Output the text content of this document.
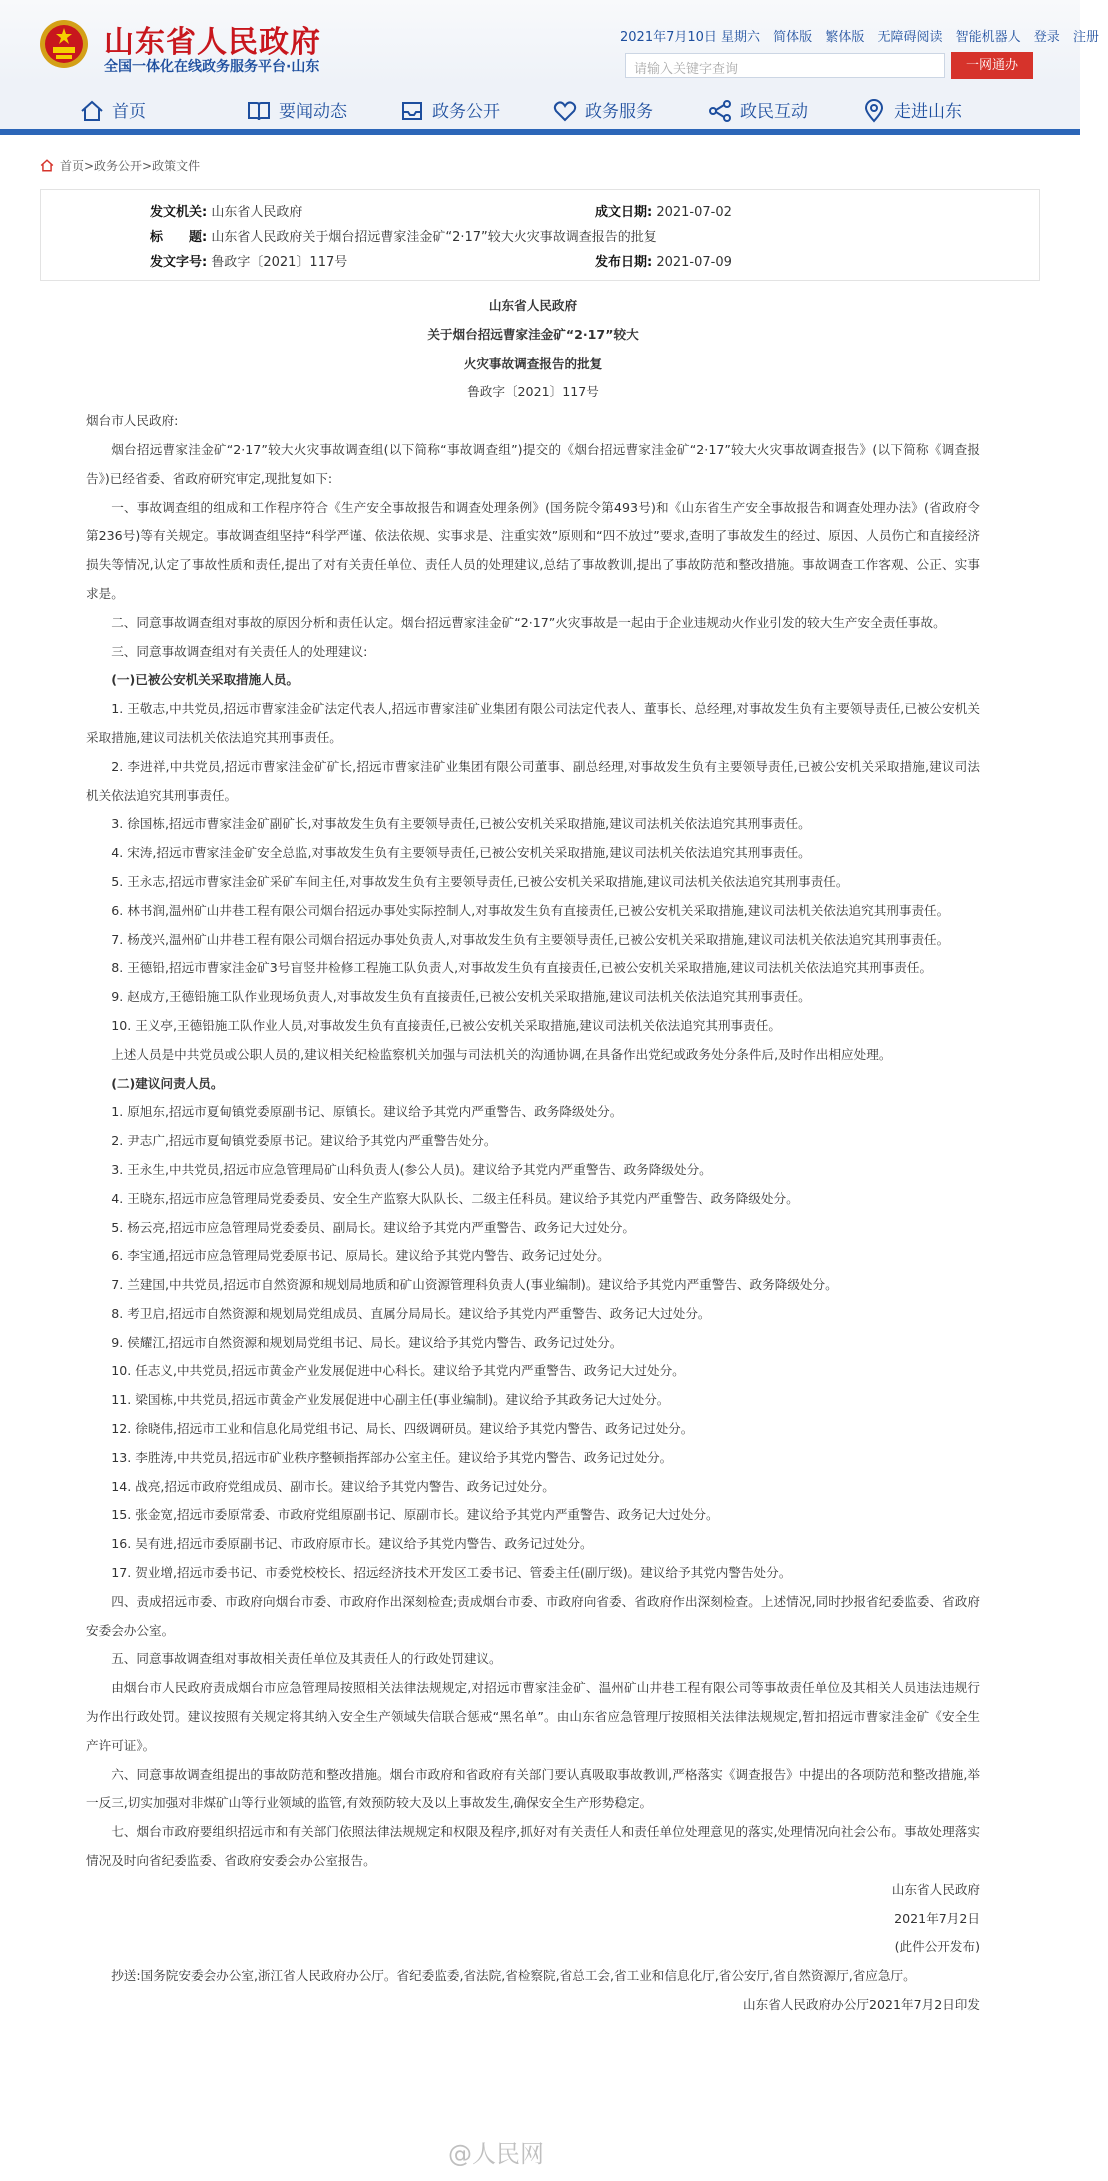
山东省人民政府
全国一体化在线政务服务平台·山东
2021年7月10日 星期六 简体版 繁体版 无障碍阅读 智能机器人 登录 注册
请输入关键字查询	一网通办
首页	要闻动态	政务公开	政务服务	政民互动	走进山东
首页>政务公开>政策文件
发文机关: 山东省人民政府	成文日期: 2021-07-02
标　　题: 山东省人民政府关于烟台招远曹家洼金矿“2·17”较大火灾事故调查报告的批复
发文字号: 鲁政字〔2021〕117号	发布日期: 2021-07-09
山东省人民政府
关于烟台招远曹家洼金矿“2·17”较大
火灾事故调查报告的批复
鲁政字〔2021〕117号

烟台市人民政府:

烟台招远曹家洼金矿“2·17”较大火灾事故调查组(以下简称“事故调查组”)提交的《烟台招远曹家洼金矿“2·17”较大火灾事故调查报告》(以下简称《调查报告》)已经省委、省政府研究审定,现批复如下:

一、事故调查组的组成和工作程序符合《生产安全事故报告和调查处理条例》(国务院令第493号)和《山东省生产安全事故报告和调查处理办法》(省政府令第236号)等有关规定。事故调查组坚持“科学严谨、依法依规、实事求是、注重实效”原则和“四不放过”要求,查明了事故发生的经过、原因、人员伤亡和直接经济损失等情况,认定了事故性质和责任,提出了对有关责任单位、责任人员的处理建议,总结了事故教训,提出了事故防范和整改措施。事故调查工作客观、公正、实事求是。

二、同意事故调查组对事故的原因分析和责任认定。烟台招远曹家洼金矿“2·17”火灾事故是一起由于企业违规动火作业引发的较大生产安全责任事故。

三、同意事故调查组对有关责任人的处理建议:

(一)已被公安机关采取措施人员。

1. 王敬志,中共党员,招远市曹家洼金矿法定代表人,招远市曹家洼矿业集团有限公司法定代表人、董事长、总经理,对事故发生负有主要领导责任,已被公安机关采取措施,建议司法机关依法追究其刑事责任。

2. 李进祥,中共党员,招远市曹家洼金矿矿长,招远市曹家洼矿业集团有限公司董事、副总经理,对事故发生负有主要领导责任,已被公安机关采取措施,建议司法机关依法追究其刑事责任。

3. 徐国栋,招远市曹家洼金矿副矿长,对事故发生负有主要领导责任,已被公安机关采取措施,建议司法机关依法追究其刑事责任。

4. 宋涛,招远市曹家洼金矿安全总监,对事故发生负有主要领导责任,已被公安机关采取措施,建议司法机关依法追究其刑事责任。

5. 王永志,招远市曹家洼金矿采矿车间主任,对事故发生负有主要领导责任,已被公安机关采取措施,建议司法机关依法追究其刑事责任。

6. 林书润,温州矿山井巷工程有限公司烟台招远办事处实际控制人,对事故发生负有直接责任,已被公安机关采取措施,建议司法机关依法追究其刑事责任。

7. 杨茂兴,温州矿山井巷工程有限公司烟台招远办事处负责人,对事故发生负有主要领导责任,已被公安机关采取措施,建议司法机关依法追究其刑事责任。

8. 王德铅,招远市曹家洼金矿3号盲竖井检修工程施工队负责人,对事故发生负有直接责任,已被公安机关采取措施,建议司法机关依法追究其刑事责任。

9. 赵成方,王德铅施工队作业现场负责人,对事故发生负有直接责任,已被公安机关采取措施,建议司法机关依法追究其刑事责任。

10. 王义亭,王德铅施工队作业人员,对事故发生负有直接责任,已被公安机关采取措施,建议司法机关依法追究其刑事责任。

上述人员是中共党员或公职人员的,建议相关纪检监察机关加强与司法机关的沟通协调,在具备作出党纪或政务处分条件后,及时作出相应处理。

(二)建议问责人员。

1. 原旭东,招远市夏甸镇党委原副书记、原镇长。建议给予其党内严重警告、政务降级处分。

2. 尹志广,招远市夏甸镇党委原书记。建议给予其党内严重警告处分。

3. 王永生,中共党员,招远市应急管理局矿山科负责人(参公人员)。建议给予其党内严重警告、政务降级处分。

4. 王晓东,招远市应急管理局党委委员、安全生产监察大队队长、二级主任科员。建议给予其党内严重警告、政务降级处分。

5. 杨云亮,招远市应急管理局党委委员、副局长。建议给予其党内严重警告、政务记大过处分。

6. 李宝通,招远市应急管理局党委原书记、原局长。建议给予其党内警告、政务记过处分。

7. 兰建国,中共党员,招远市自然资源和规划局地质和矿山资源管理科负责人(事业编制)。建议给予其党内严重警告、政务降级处分。

8. 考卫启,招远市自然资源和规划局党组成员、直属分局局长。建议给予其党内严重警告、政务记大过处分。

9. 侯耀江,招远市自然资源和规划局党组书记、局长。建议给予其党内警告、政务记过处分。

10. 任志义,中共党员,招远市黄金产业发展促进中心科长。建议给予其党内严重警告、政务记大过处分。

11. 梁国栋,中共党员,招远市黄金产业发展促进中心副主任(事业编制)。建议给予其政务记大过处分。

12. 徐晓伟,招远市工业和信息化局党组书记、局长、四级调研员。建议给予其党内警告、政务记过处分。

13. 李胜涛,中共党员,招远市矿业秩序整顿指挥部办公室主任。建议给予其党内警告、政务记过处分。

14. 战亮,招远市政府党组成员、副市长。建议给予其党内警告、政务记过处分。

15. 张金宽,招远市委原常委、市政府党组原副书记、原副市长。建议给予其党内严重警告、政务记大过处分。

16. 吴有进,招远市委原副书记、市政府原市长。建议给予其党内警告、政务记过处分。

17. 贺业增,招远市委书记、市委党校校长、招远经济技术开发区工委书记、管委主任(副厅级)。建议给予其党内警告处分。

四、责成招远市委、市政府向烟台市委、市政府作出深刻检查;责成烟台市委、市政府向省委、省政府作出深刻检查。上述情况,同时抄报省纪委监委、省政府安委会办公室。

五、同意事故调查组对事故相关责任单位及其责任人的行政处罚建议。

由烟台市人民政府责成烟台市应急管理局按照相关法律法规规定,对招远市曹家洼金矿、温州矿山井巷工程有限公司等事故责任单位及其相关人员违法违规行为作出行政处罚。建议按照有关规定将其纳入安全生产领域失信联合惩戒“黑名单”。由山东省应急管理厅按照相关法律法规规定,暂扣招远市曹家洼金矿《安全生产许可证》。

六、同意事故调查组提出的事故防范和整改措施。烟台市政府和省政府有关部门要认真吸取事故教训,严格落实《调查报告》中提出的各项防范和整改措施,举一反三,切实加强对非煤矿山等行业领域的监管,有效预防较大及以上事故发生,确保安全生产形势稳定。

七、烟台市政府要组织招远市和有关部门依照法律法规规定和权限及程序,抓好对有关责任人和责任单位处理意见的落实,处理情况向社会公布。事故处理落实情况及时向省纪委监委、省政府安委会办公室报告。

山东省人民政府

2021年7月2日

(此件公开发布)

抄送:国务院安委会办公室,浙江省人民政府办公厅。省纪委监委,省法院,省检察院,省总工会,省工业和信息化厅,省公安厅,省自然资源厅,省应急厅。

山东省人民政府办公厅2021年7月2日印发

@人民网
